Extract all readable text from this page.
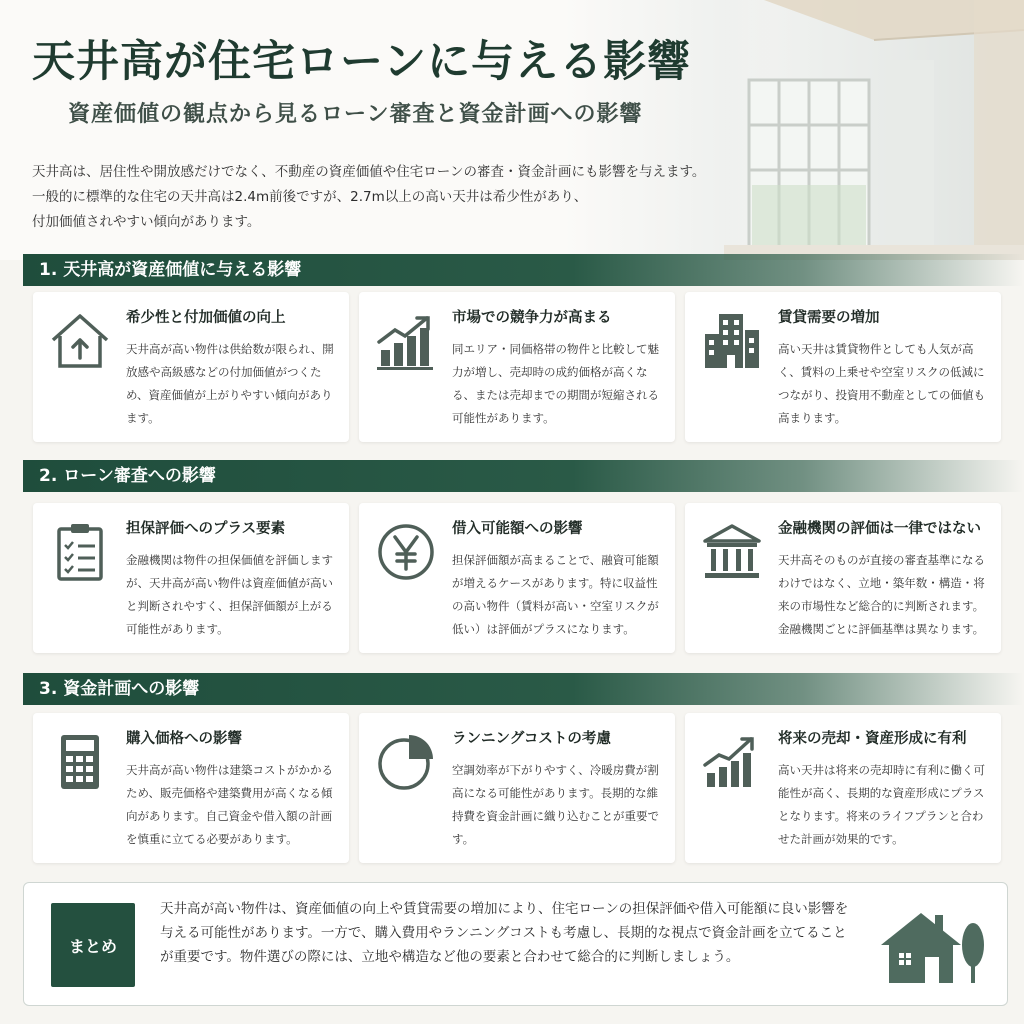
天井高が住宅ローンに与える影響
資産価値の観点から見るローン審査と資金計画への影響

天井高は、居住性や開放感だけでなく、不動産の資産価値や住宅ローンの審査・資金計画にも影響を与えます。

一般的に標準的な住宅の天井高は2.4m前後ですが、2.7m以上の高い天井は希少性があり、

付加価値されやすい傾向があります。

1. 天井高が資産価値に与える影響
希少性と付加価値の向上
天井高が高い物件は供給数が限られ、開放感や高級感などの付加価値がつくため、資産価値が上がりやすい傾向があります。
市場での競争力が高まる
同エリア・同価格帯の物件と比較して魅力が増し、売却時の成約価格が高くなる、または売却までの期間が短縮される可能性があります。
賃貸需要の増加
高い天井は賃貸物件としても人気が高く、賃料の上乗せや空室リスクの低減につながり、投資用不動産としての価値も高まります。
2. ローン審査への影響
担保評価へのプラス要素
金融機関は物件の担保価値を評価しますが、天井高が高い物件は資産価値が高いと判断されやすく、担保評価額が上がる可能性があります。
借入可能額への影響
担保評価額が高まることで、融資可能額が増えるケースがあります。特に収益性の高い物件（賃料が高い・空室リスクが低い）は評価がプラスになります。
金融機関の評価は一律ではない
天井高そのものが直接の審査基準になるわけではなく、立地・築年数・構造・将来の市場性など総合的に判断されます。金融機関ごとに評価基準は異なります。
3. 資金計画への影響
購入価格への影響
天井高が高い物件は建築コストがかかるため、販売価格や建築費用が高くなる傾向があります。自己資金や借入額の計画を慎重に立てる必要があります。
ランニングコストの考慮
空調効率が下がりやすく、冷暖房費が割高になる可能性があります。長期的な維持費を資金計画に織り込むことが重要です。
将来の売却・資産形成に有利
高い天井は将来の売却時に有利に働く可能性が高く、長期的な資産形成にプラスとなります。将来のライフプランと合わせた計画が効果的です。
まとめ
天井高が高い物件は、資産価値の向上や賃貸需要の増加により、住宅ローンの担保評価や借入可能額に良い影響を与える可能性があります。一方で、購入費用やランニングコストも考慮し、長期的な視点で資金計画を立てることが重要です。物件選びの際には、立地や構造など他の要素と合わせて総合的に判断しましょう。
